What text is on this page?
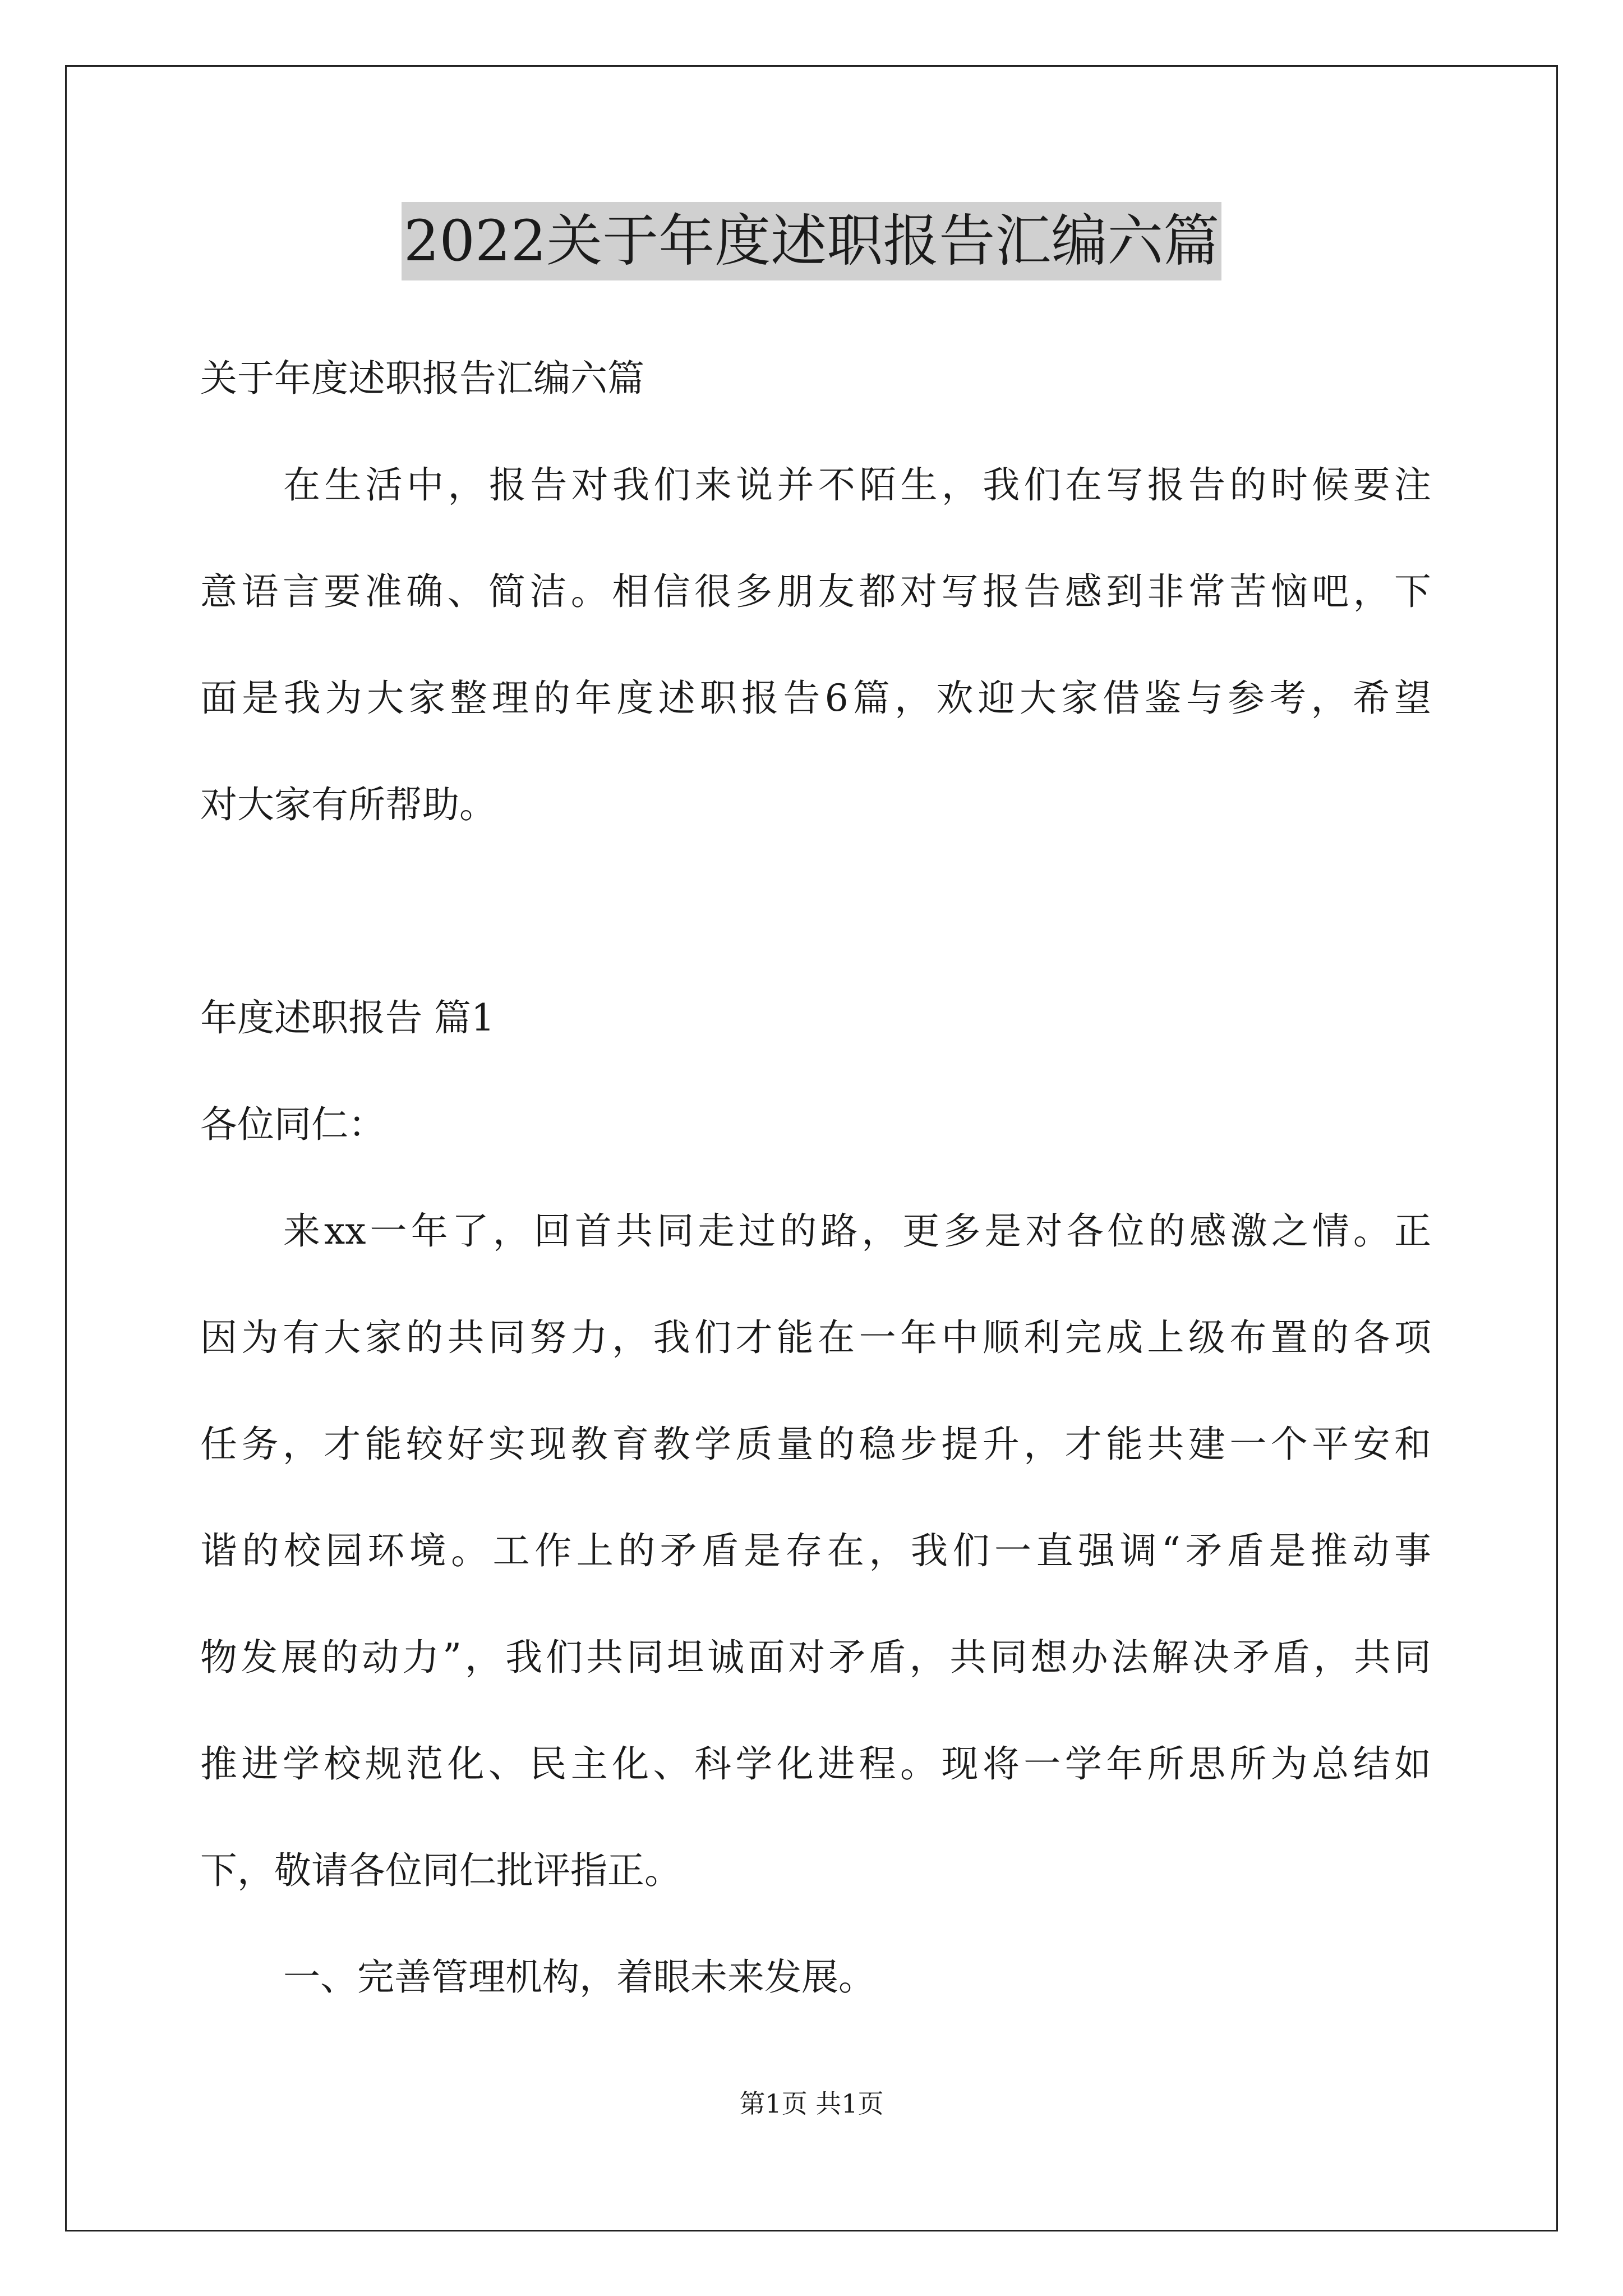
2022关于年度述职报告汇编六篇
关于年度述职报告汇编六篇
在生活中，报告对我们来说并不陌生，我们在写报告的时候要注
意语言要准确、简洁。相信很多朋友都对写报告感到非常苦恼吧，下
面是我为大家整理的年度述职报告6篇，欢迎大家借鉴与参考，希望
对大家有所帮助。
年度述职报告 篇1
各位同仁：
来xx一年了，回首共同走过的路，更多是对各位的感激之情。正
因为有大家的共同努力，我们才能在一年中顺利完成上级布置的各项
任务，才能较好实现教育教学质量的稳步提升，才能共建一个平安和
谐的校园环境。工作上的矛盾是存在，我们一直强调“矛盾是推动事
物发展的动力”，我们共同坦诚面对矛盾，共同想办法解决矛盾，共同
推进学校规范化、民主化、科学化进程。现将一学年所思所为总结如
下，敬请各位同仁批评指正。
一、完善管理机构，着眼未来发展。
第1页 共1页
